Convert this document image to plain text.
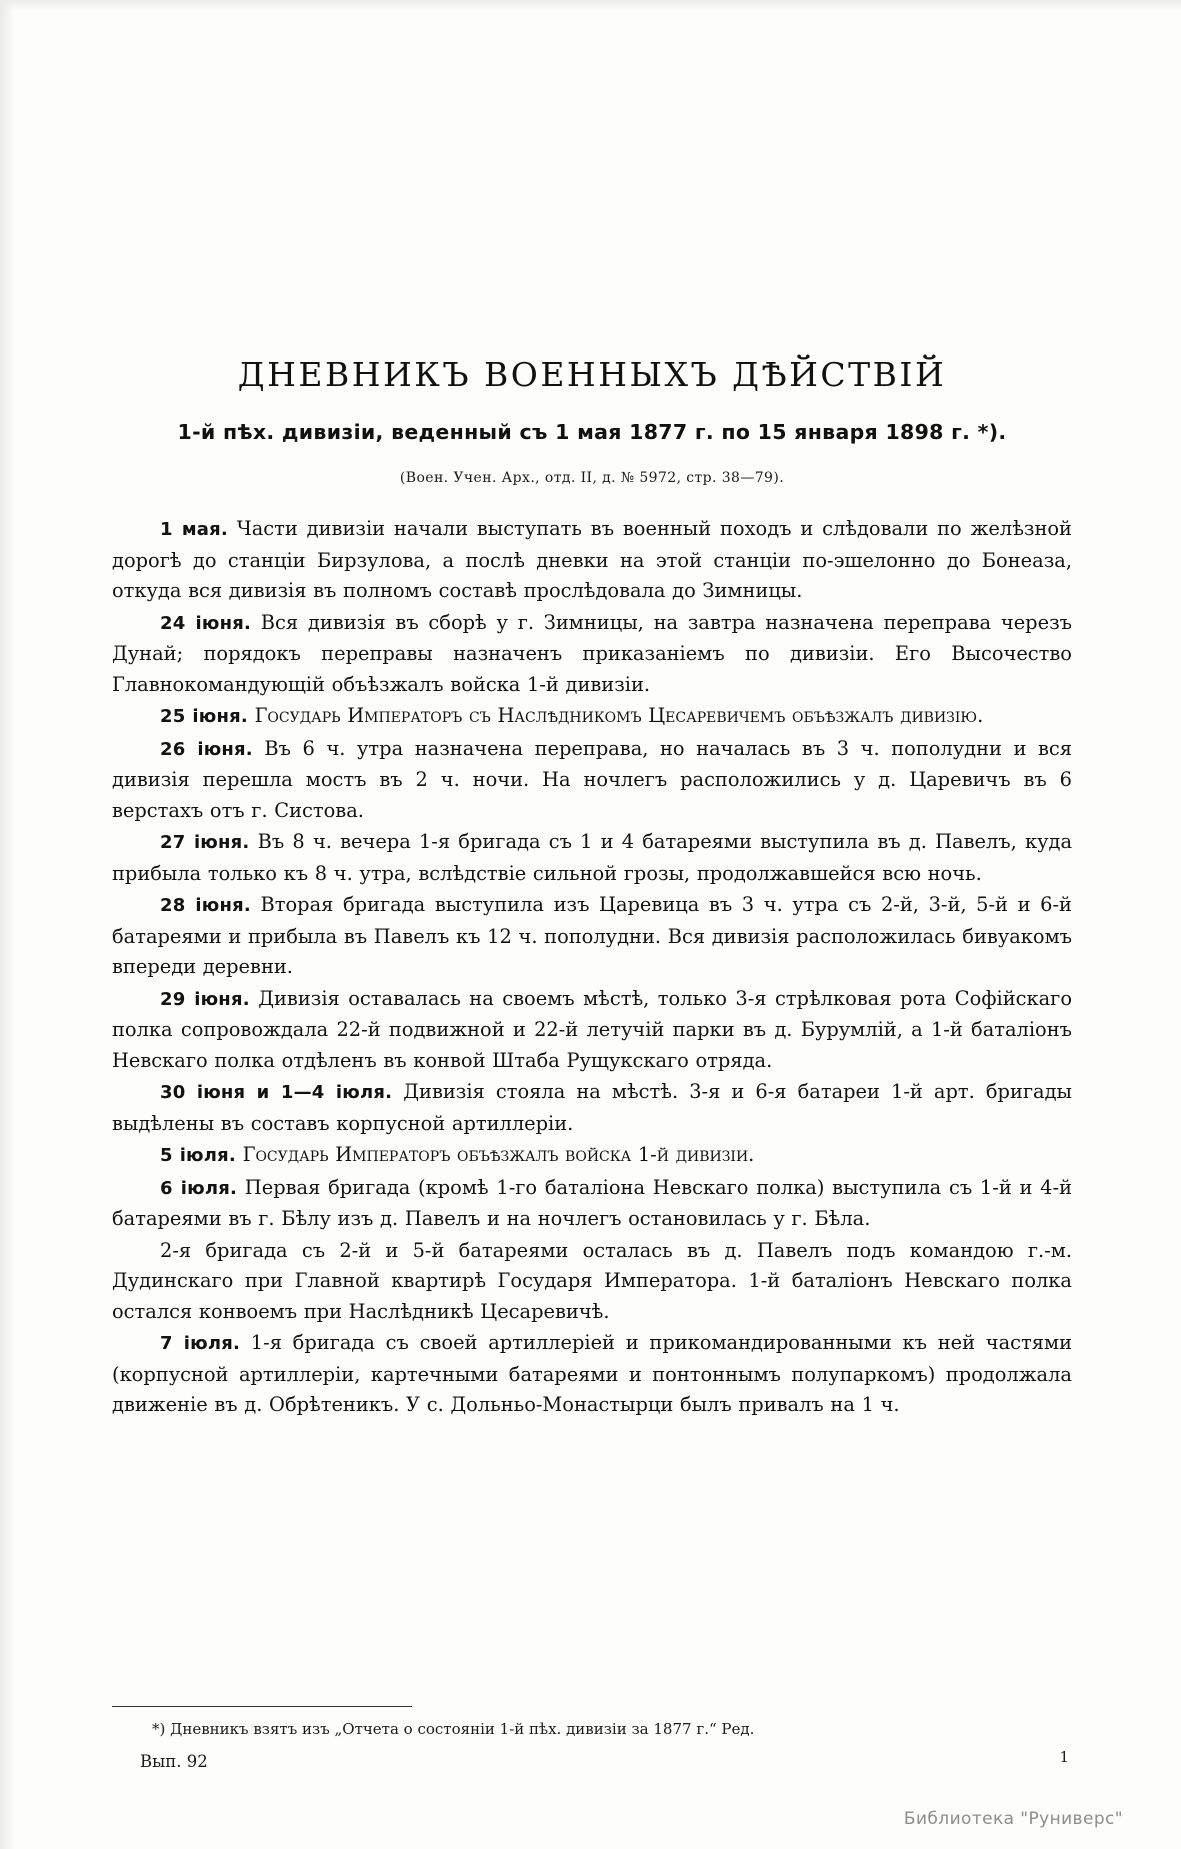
ДНЕВНИКЪ ВОЕННЫХЪ ДѢЙСТВІЙ
1-й пѣх. дивизіи, веденный съ 1 мая 1877 г. по 15 января 1898 г. *).
(Воен. Учен. Арх., отд. II, д. № 5972, стр. 38—79).

1 мая. Части дивизіи начали выступать въ военный походъ и слѣдовали по желѣзной дорогѣ до станціи Бирзулова, а послѣ дневки на этой станціи по-эшелонно до Бонеаза, откуда вся дивизія въ полномъ составѣ прослѣдовала до Зимницы.

24 іюня. Вся дивизія въ сборѣ у г. Зимницы, на завтра назначена переправа черезъ Дунай; порядокъ переправы назначенъ приказаніемъ по дивизіи. Его Высочество Главнокомандующій объѣзжалъ войска 1-й дивизіи.

25 іюня. Государь Императоръ съ Наслѣдникомъ Цесаревичемъ объѣзжалъ дивизію.

26 іюня. Въ 6 ч. утра назначена переправа, но началась въ 3 ч. пополудни и вся дивизія перешла мостъ въ 2 ч. ночи. На ночлегъ расположились у д. Царевичъ въ 6 верстахъ отъ г. Систова.

27 іюня. Въ 8 ч. вечера 1-я бригада съ 1 и 4 батареями выступила въ д. Павелъ, куда прибыла только къ 8 ч. утра, вслѣдствіе сильной грозы, продолжавшейся всю ночь.

28 іюня. Вторая бригада выступила изъ Царевица въ 3 ч. утра съ 2-й, 3-й, 5-й и 6-й батареями и прибыла въ Павелъ къ 12 ч. пополудни. Вся дивизія расположилась бивуакомъ впереди деревни.

29 іюня. Дивизія оставалась на своемъ мѣстѣ, только 3-я стрѣлковая рота Софійскаго полка сопровождала 22-й подвижной и 22-й летучій парки въ д. Бурумлій, а 1-й баталіонъ Невскаго полка отдѣленъ въ конвой Штаба Рущукскаго отряда.

30 іюня и 1—4 іюля. Дивизія стояла на мѣстѣ. 3-я и 6-я батареи 1-й арт. бригады выдѣлены въ составъ корпусной артиллеріи.

5 іюля. Государь Императоръ объѣзжалъ войска 1-й дивизіи.

6 іюля. Первая бригада (кромѣ 1-го баталіона Невскаго полка) выступила съ 1-й и 4-й батареями въ г. Бѣлу изъ д. Павелъ и на ночлегъ остановилась у г. Бѣла.

2-я бригада съ 2-й и 5-й батареями осталась въ д. Павелъ подъ командою г.-м. Дудинскаго при Главной квартирѣ Государя Императора. 1-й баталіонъ Невскаго полка остался конвоемъ при Наслѣдникѣ Цесаревичѣ.

7 іюля. 1-я бригада съ своей артиллеріей и прикомандированными къ ней частями (корпусной артиллеріи, картечными батареями и понтоннымъ полупаркомъ) продолжала движеніе въ д. Обрѣтеникъ. У с. Дольньо-Монастырци былъ привалъ на 1 ч.

*) Дневникъ взятъ изъ „Отчета о состояніи 1-й пѣх. дивизіи за 1877 г.“ Ред.
Вып. 92	1
Библиотека "Руниверс"
